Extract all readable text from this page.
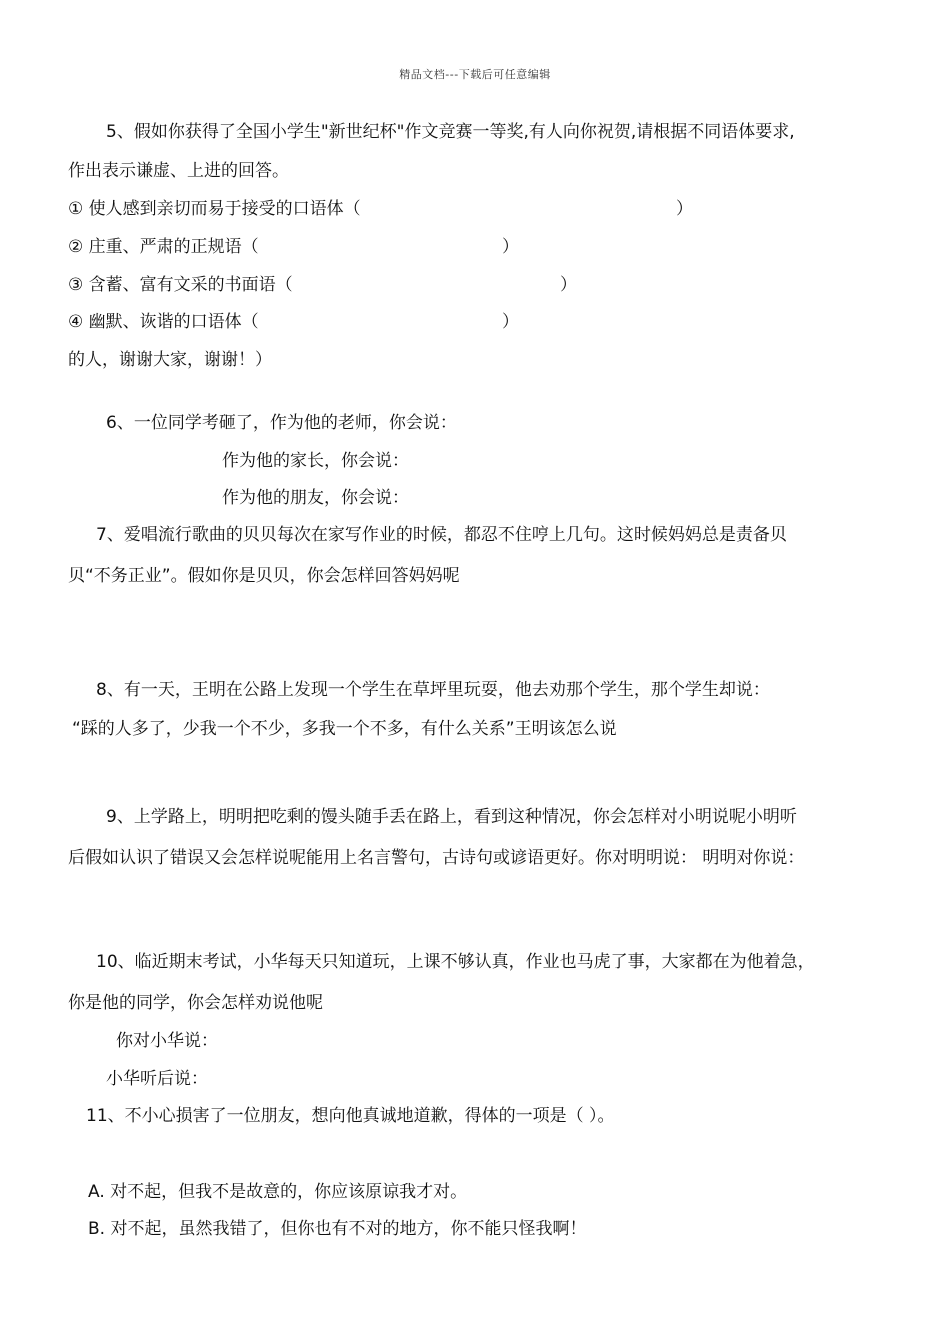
精品文档---下载后可任意编辑
5、假如你获得了全国小学生"新世纪杯"作文竞赛一等奖,有人向你祝贺,请根据不同语体要求,
作出表示谦虚、上进的回答。
① 使人感到亲切而易于接受的口语体（	）
② 庄重、严肃的正规语（	）
③ 含蓄、富有文采的书面语（	）
④ 幽默、诙谐的口语体（	）
的人，谢谢大家，谢谢！）
6、一位同学考砸了，作为他的老师，你会说：
作为他的家长，你会说：
作为他的朋友，你会说：
7、爱唱流行歌曲的贝贝每次在家写作业的时候，都忍不住哼上几句。这时候妈妈总是责备贝
贝“不务正业”。假如你是贝贝，你会怎样回答妈妈呢
8、有一天，王明在公路上发现一个学生在草坪里玩耍，他去劝那个学生，那个学生却说：
“踩的人多了，少我一个不少，多我一个不多，有什么关系”王明该怎么说
9、上学路上，明明把吃剩的馒头随手丢在路上，看到这种情况，你会怎样对小明说呢小明听
后假如认识了错误又会怎样说呢能用上名言警句，古诗句或谚语更好。你对明明说： 明明对你说：
10、临近期末考试，小华每天只知道玩，上课不够认真，作业也马虎了事，大家都在为他着急，
你是他的同学，你会怎样劝说他呢
你对小华说：
小华听后说：
11、不小心损害了一位朋友，想向他真诚地道歉，得体的一项是（ ）。
A. 对不起，但我不是故意的，你应该原谅我才对。
B. 对不起，虽然我错了，但你也有不对的地方，你不能只怪我啊！
